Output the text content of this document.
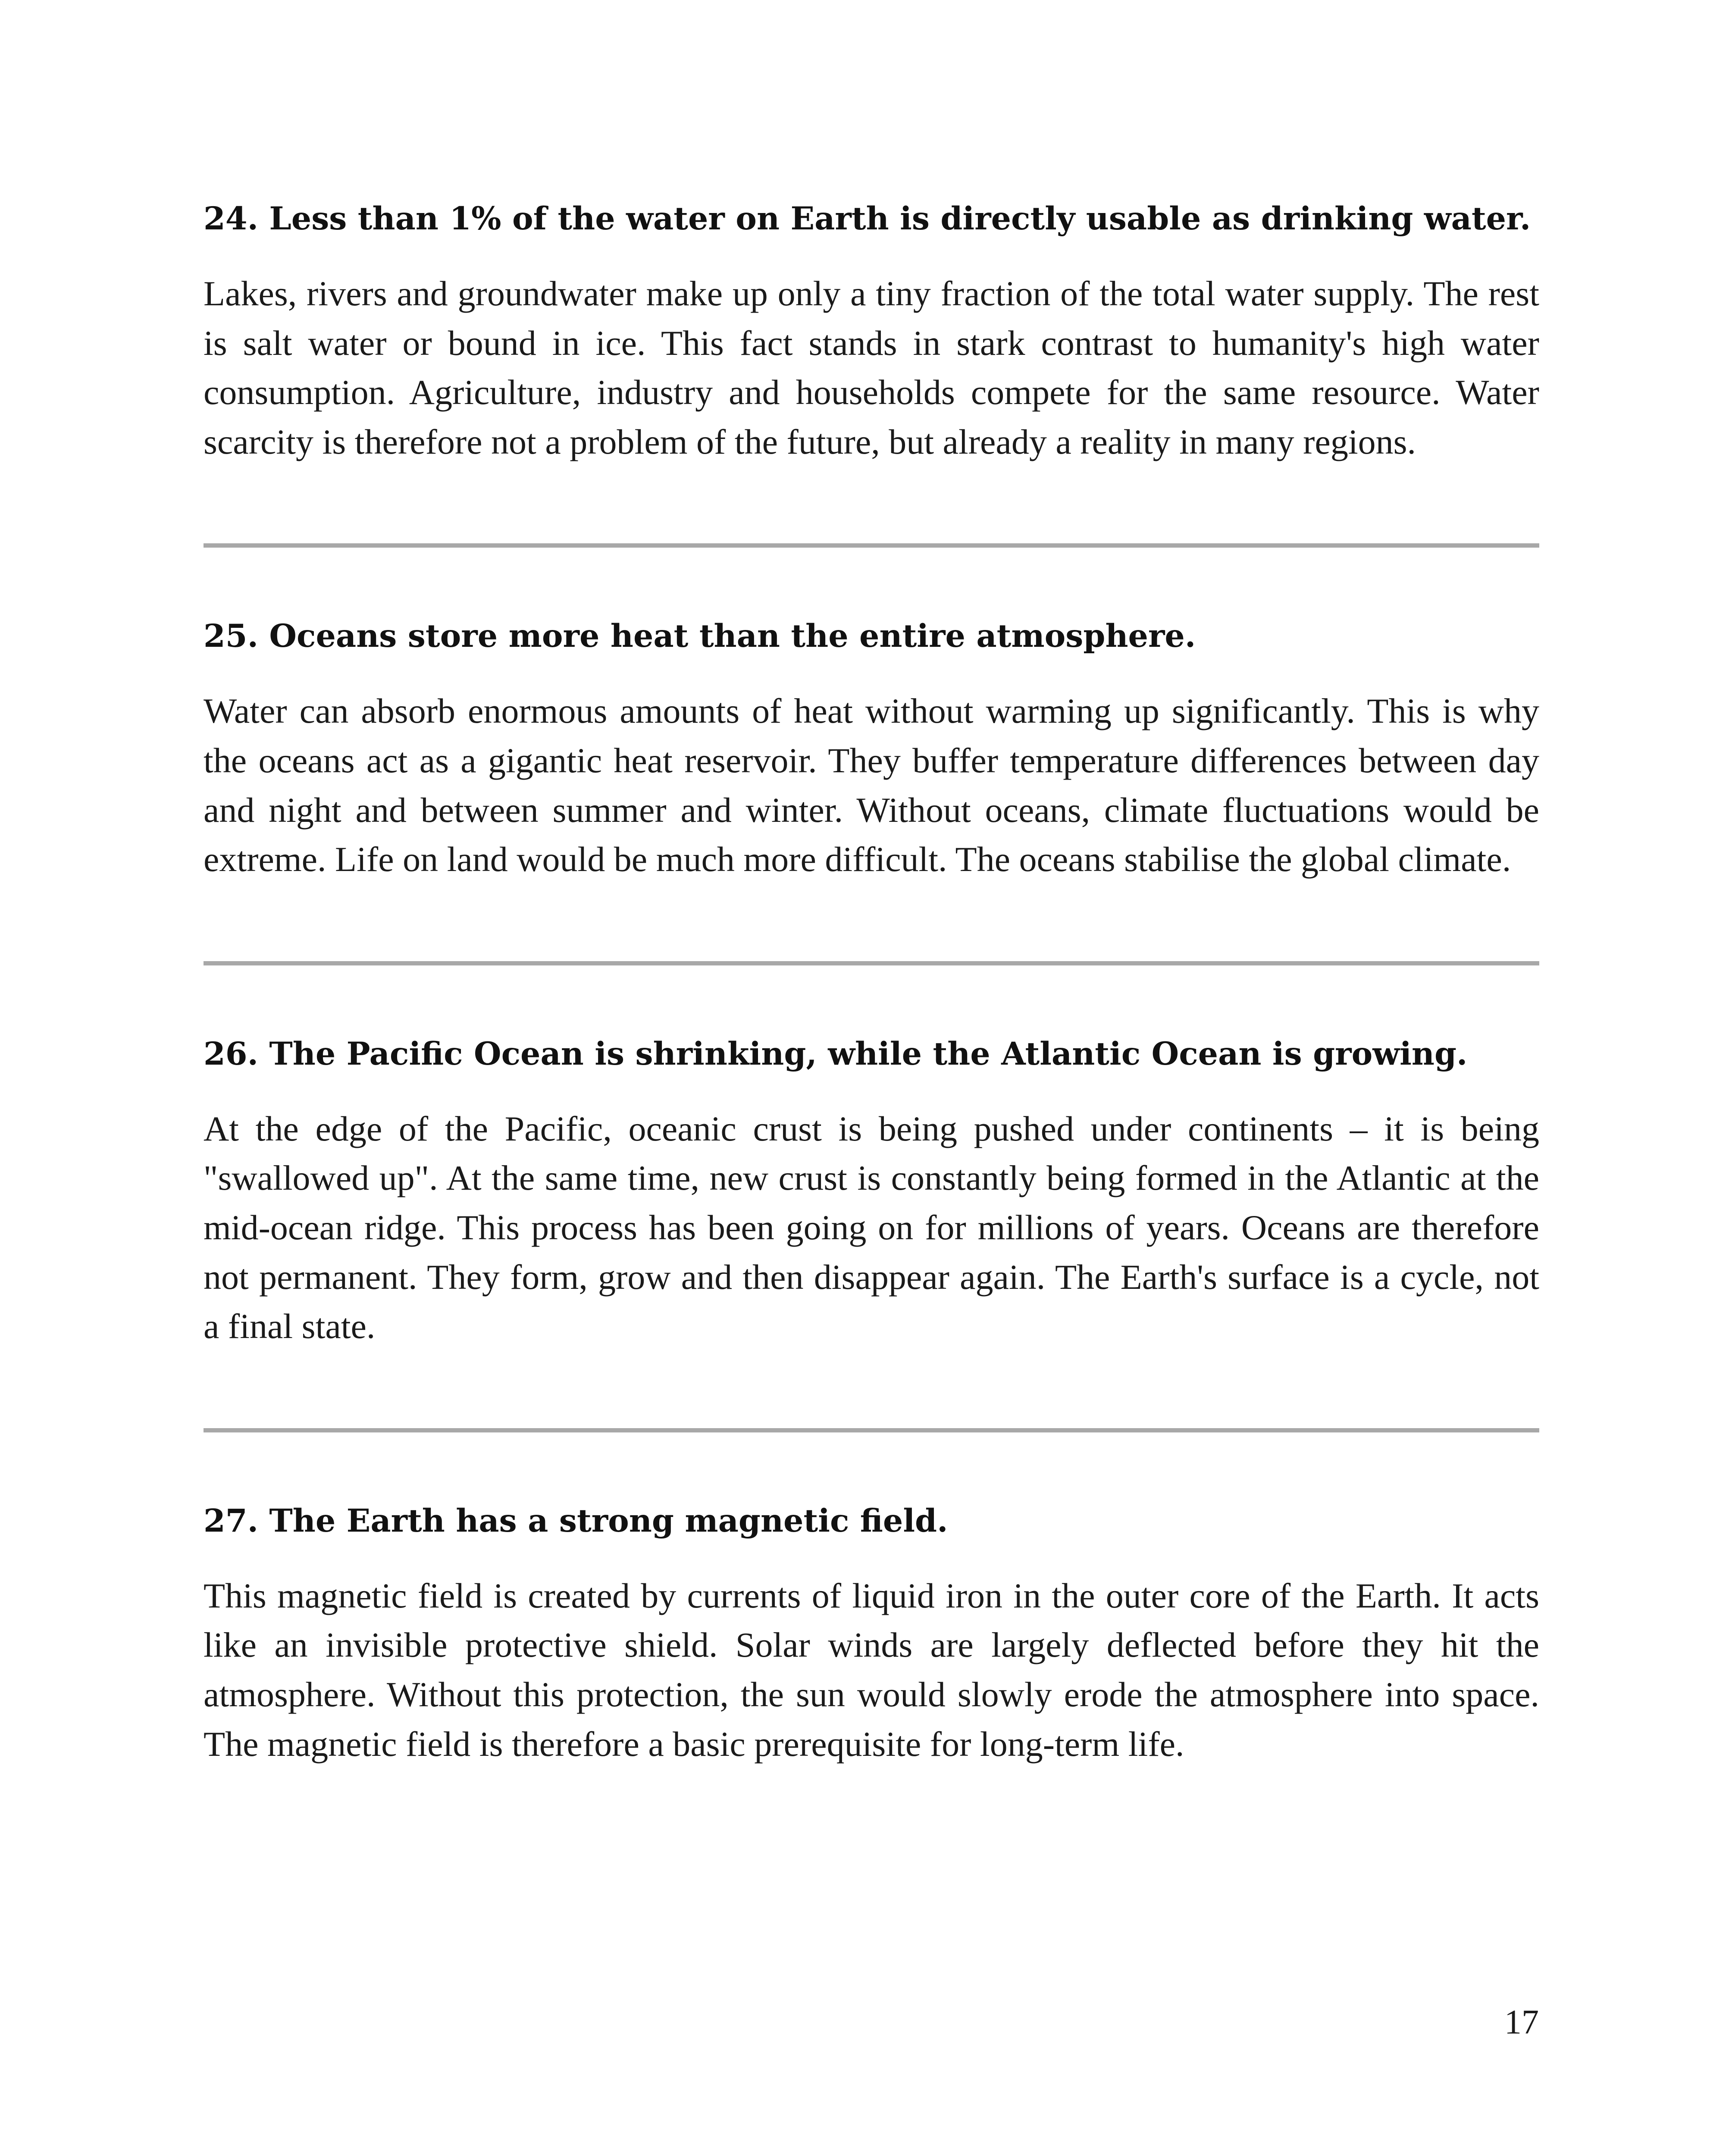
24. Less than 1% of the water on Earth is directly usable as drinking water.

Lakes, rivers and groundwater make up only a tiny fraction of the total water supply. The rest is salt water or bound in ice. This fact stands in stark contrast to humanity's high water consumption. Agriculture, industry and households compete for the same resource. Water scarcity is therefore not a problem of the future, but already a reality in many regions.

25. Oceans store more heat than the entire atmosphere.

Water can absorb enormous amounts of heat without warming up significantly. This is why the oceans act as a gigantic heat reservoir. They buffer temperature differences between day and night and between summer and winter. Without oceans, climate fluctuations would be extreme. Life on land would be much more difficult. The oceans stabilise the global climate.

26. The Pacific Ocean is shrinking, while the Atlantic Ocean is growing.

At the edge of the Pacific, oceanic crust is being pushed under continents – it is being "swallowed up". At the same time, new crust is constantly being formed in the Atlantic at the mid-ocean ridge. This process has been going on for millions of years. Oceans are therefore not permanent. They form, grow and then disappear again. The Earth's surface is a cycle, not a final state.

27. The Earth has a strong magnetic field.

This magnetic field is created by currents of liquid iron in the outer core of the Earth. It acts like an invisible protective shield. Solar winds are largely deflected before they hit the atmosphere. Without this protection, the sun would slowly erode the atmosphere into space. The magnetic field is therefore a basic prerequisite for long-term life.

17
